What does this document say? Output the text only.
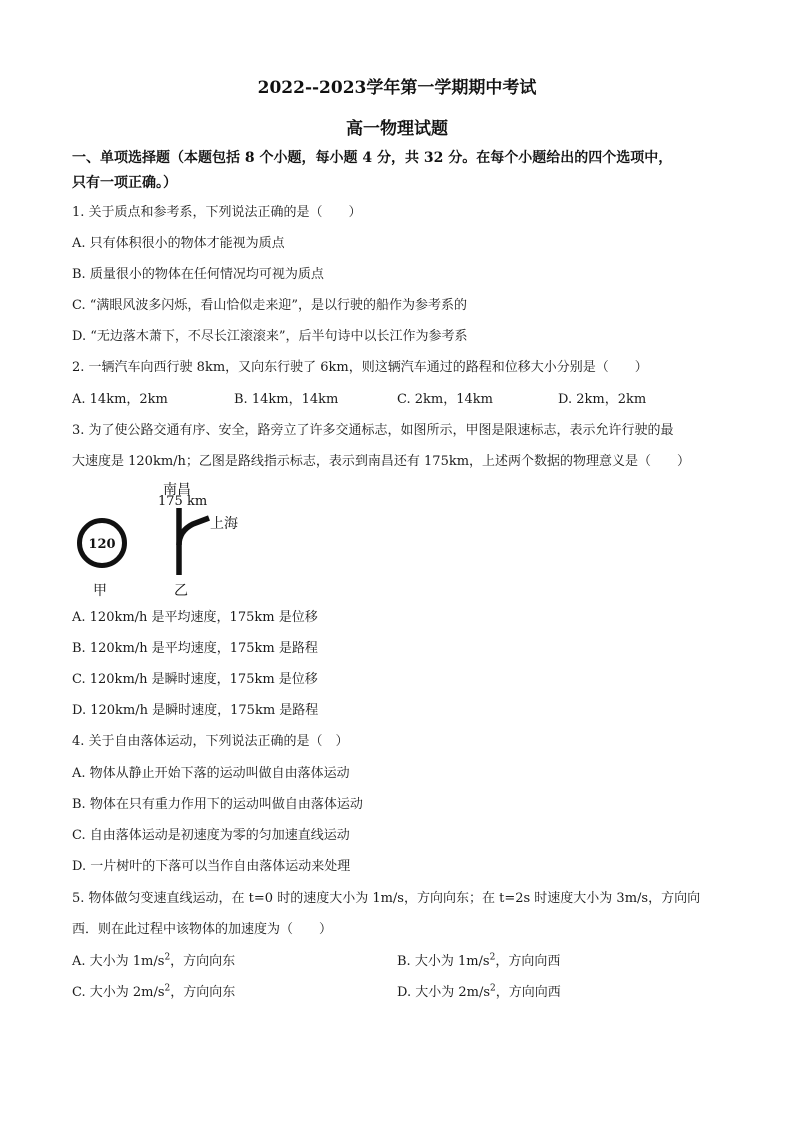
2022--2023学年第一学期期中考试
高一物理试题
一、单项选择题（本题包括 8 个小题，每小题 4 分，共 32 分。在每个小题给出的四个选项中，
只有一项正确。）
1. 关于质点和参考系，下列说法正确的是（　　）
A. 只有体积很小的物体才能视为质点
B. 质量很小的物体在任何情况均可视为质点
C. “满眼风波多闪烁，看山恰似走来迎”，是以行驶的船作为参考系的
D. “无边落木萧下，不尽长江滚滚来”，后半句诗中以长江作为参考系
2. 一辆汽车向西行驶 8km，又向东行驶了 6km，则这辆汽车通过的路程和位移大小分别是（　　）
A. 14km，2km	B. 14km，14km	C. 2km，14km	D. 2km，2km
3. 为了使公路交通有序、安全，路旁立了许多交通标志，如图所示，甲图是限速标志，表示允许行驶的最
大速度是 120km/h；乙图是路线指示标志，表示到南昌还有 175km，上述两个数据的物理意义是（　　）
120
甲
南昌
175 km
上海
乙
A. 120km/h 是平均速度，175km 是位移
B. 120km/h 是平均速度，175km 是路程
C. 120km/h 是瞬时速度，175km 是位移
D. 120km/h 是瞬时速度，175km 是路程
4. 关于自由落体运动，下列说法正确的是（　）
A. 物体从静止开始下落的运动叫做自由落体运动
B. 物体在只有重力作用下的运动叫做自由落体运动
C. 自由落体运动是初速度为零的匀加速直线运动
D. 一片树叶的下落可以当作自由落体运动来处理
5. 物体做匀变速直线运动，在 t=0 时的速度大小为 1m/s，方向向东；在 t=2s 时速度大小为 3m/s，方向向
西．则在此过程中该物体的加速度为（　　）
A. 大小为 $1m/s^2$，方向向东	B. 大小为 $1m/s^2$，方向向西
C. 大小为 $2m/s^2$，方向向东	D. 大小为 $2m/s^2$，方向向西
